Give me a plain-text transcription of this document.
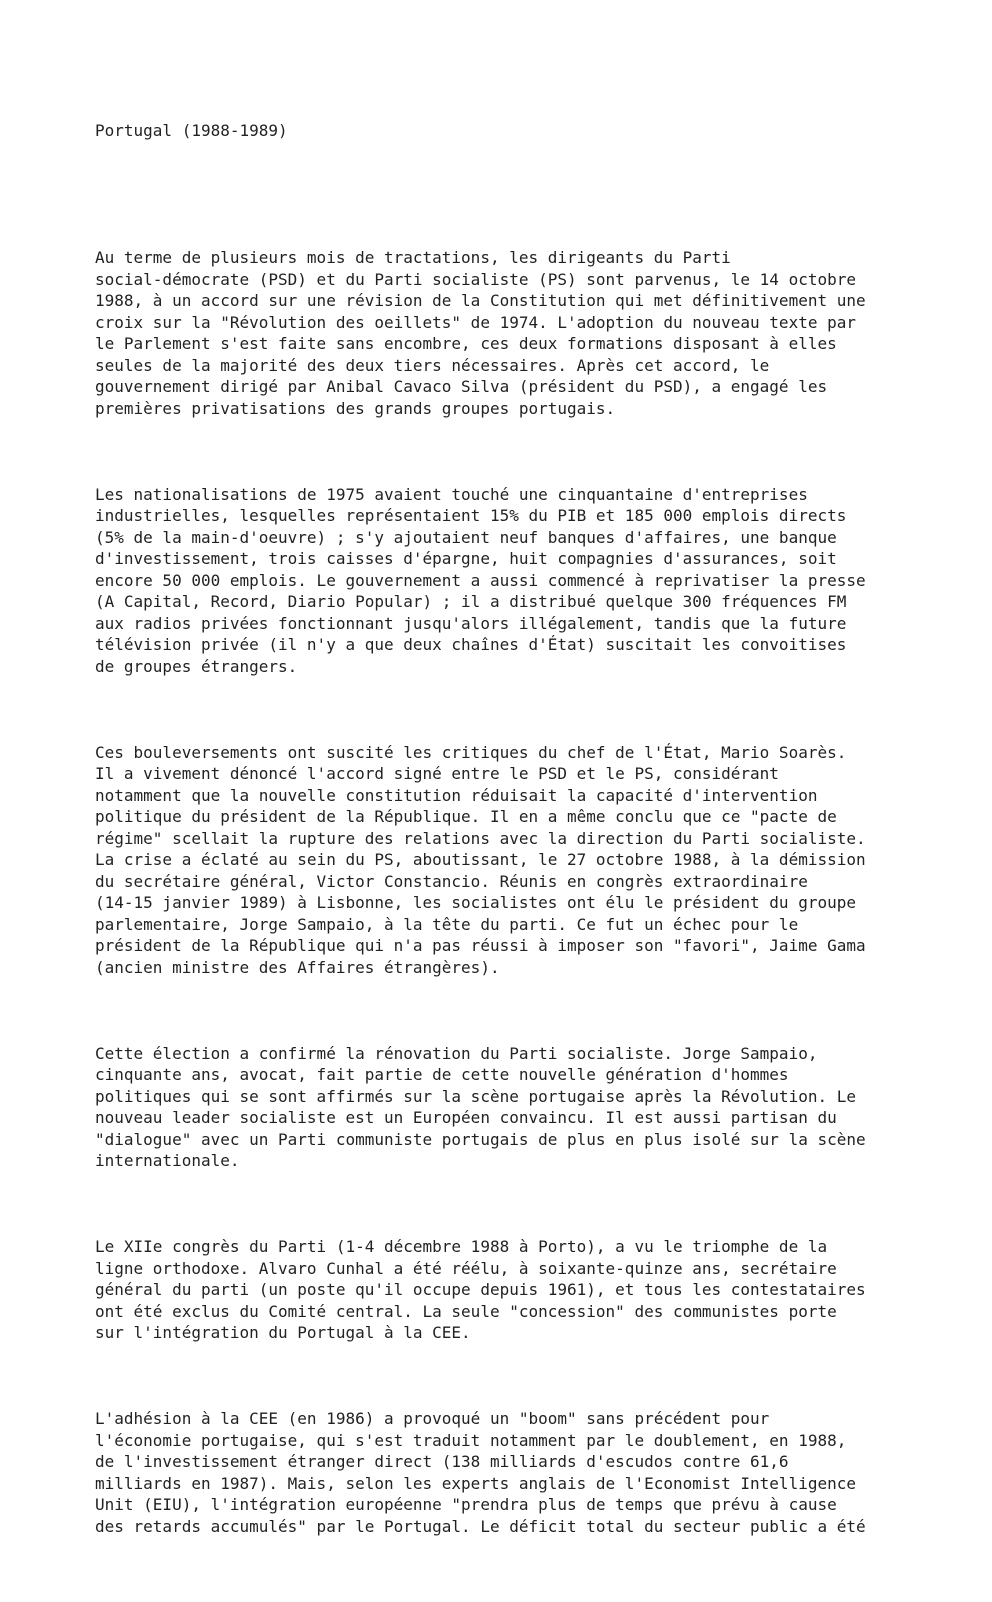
Portugal (1988-1989)

Au terme de plusieurs mois de tractations, les dirigeants du Parti
social-démocrate (PSD) et du Parti socialiste (PS) sont parvenus, le 14 octobre
1988, à un accord sur une révision de la Constitution qui met définitivement une
croix sur la "Révolution des oeillets" de 1974. L'adoption du nouveau texte par
le Parlement s'est faite sans encombre, ces deux formations disposant à elles
seules de la majorité des deux tiers nécessaires. Après cet accord, le
gouvernement dirigé par Anibal Cavaco Silva (président du PSD), a engagé les
premières privatisations des grands groupes portugais.

Les nationalisations de 1975 avaient touché une cinquantaine d'entreprises
industrielles, lesquelles représentaient 15% du PIB et 185 000 emplois directs
(5% de la main-d'oeuvre) ; s'y ajoutaient neuf banques d'affaires, une banque
d'investissement, trois caisses d'épargne, huit compagnies d'assurances, soit
encore 50 000 emplois. Le gouvernement a aussi commencé à reprivatiser la presse
(A Capital, Record, Diario Popular) ; il a distribué quelque 300 fréquences FM
aux radios privées fonctionnant jusqu'alors illégalement, tandis que la future
télévision privée (il n'y a que deux chaînes d'État) suscitait les convoitises
de groupes étrangers.

Ces bouleversements ont suscité les critiques du chef de l'État, Mario Soarès.
Il a vivement dénoncé l'accord signé entre le PSD et le PS, considérant
notamment que la nouvelle constitution réduisait la capacité d'intervention
politique du président de la République. Il en a même conclu que ce "pacte de
régime" scellait la rupture des relations avec la direction du Parti socialiste.
La crise a éclaté au sein du PS, aboutissant, le 27 octobre 1988, à la démission
du secrétaire général, Victor Constancio. Réunis en congrès extraordinaire
(14-15 janvier 1989) à Lisbonne, les socialistes ont élu le président du groupe
parlementaire, Jorge Sampaio, à la tête du parti. Ce fut un échec pour le
président de la République qui n'a pas réussi à imposer son "favori", Jaime Gama
(ancien ministre des Affaires étrangères).

Cette élection a confirmé la rénovation du Parti socialiste. Jorge Sampaio,
cinquante ans, avocat, fait partie de cette nouvelle génération d'hommes
politiques qui se sont affirmés sur la scène portugaise après la Révolution. Le
nouveau leader socialiste est un Européen convaincu. Il est aussi partisan du
"dialogue" avec un Parti communiste portugais de plus en plus isolé sur la scène
internationale.

Le XIIe congrès du Parti (1-4 décembre 1988 à Porto), a vu le triomphe de la
ligne orthodoxe. Alvaro Cunhal a été réélu, à soixante-quinze ans, secrétaire
général du parti (un poste qu'il occupe depuis 1961), et tous les contestataires
ont été exclus du Comité central. La seule "concession" des communistes porte
sur l'intégration du Portugal à la CEE.

L'adhésion à la CEE (en 1986) a provoqué un "boom" sans précédent pour
l'économie portugaise, qui s'est traduit notamment par le doublement, en 1988,
de l'investissement étranger direct (138 milliards d'escudos contre 61,6
milliards en 1987). Mais, selon les experts anglais de l'Economist Intelligence
Unit (EIU), l'intégration européenne "prendra plus de temps que prévu à cause
des retards accumulés" par le Portugal. Le déficit total du secteur public a été
